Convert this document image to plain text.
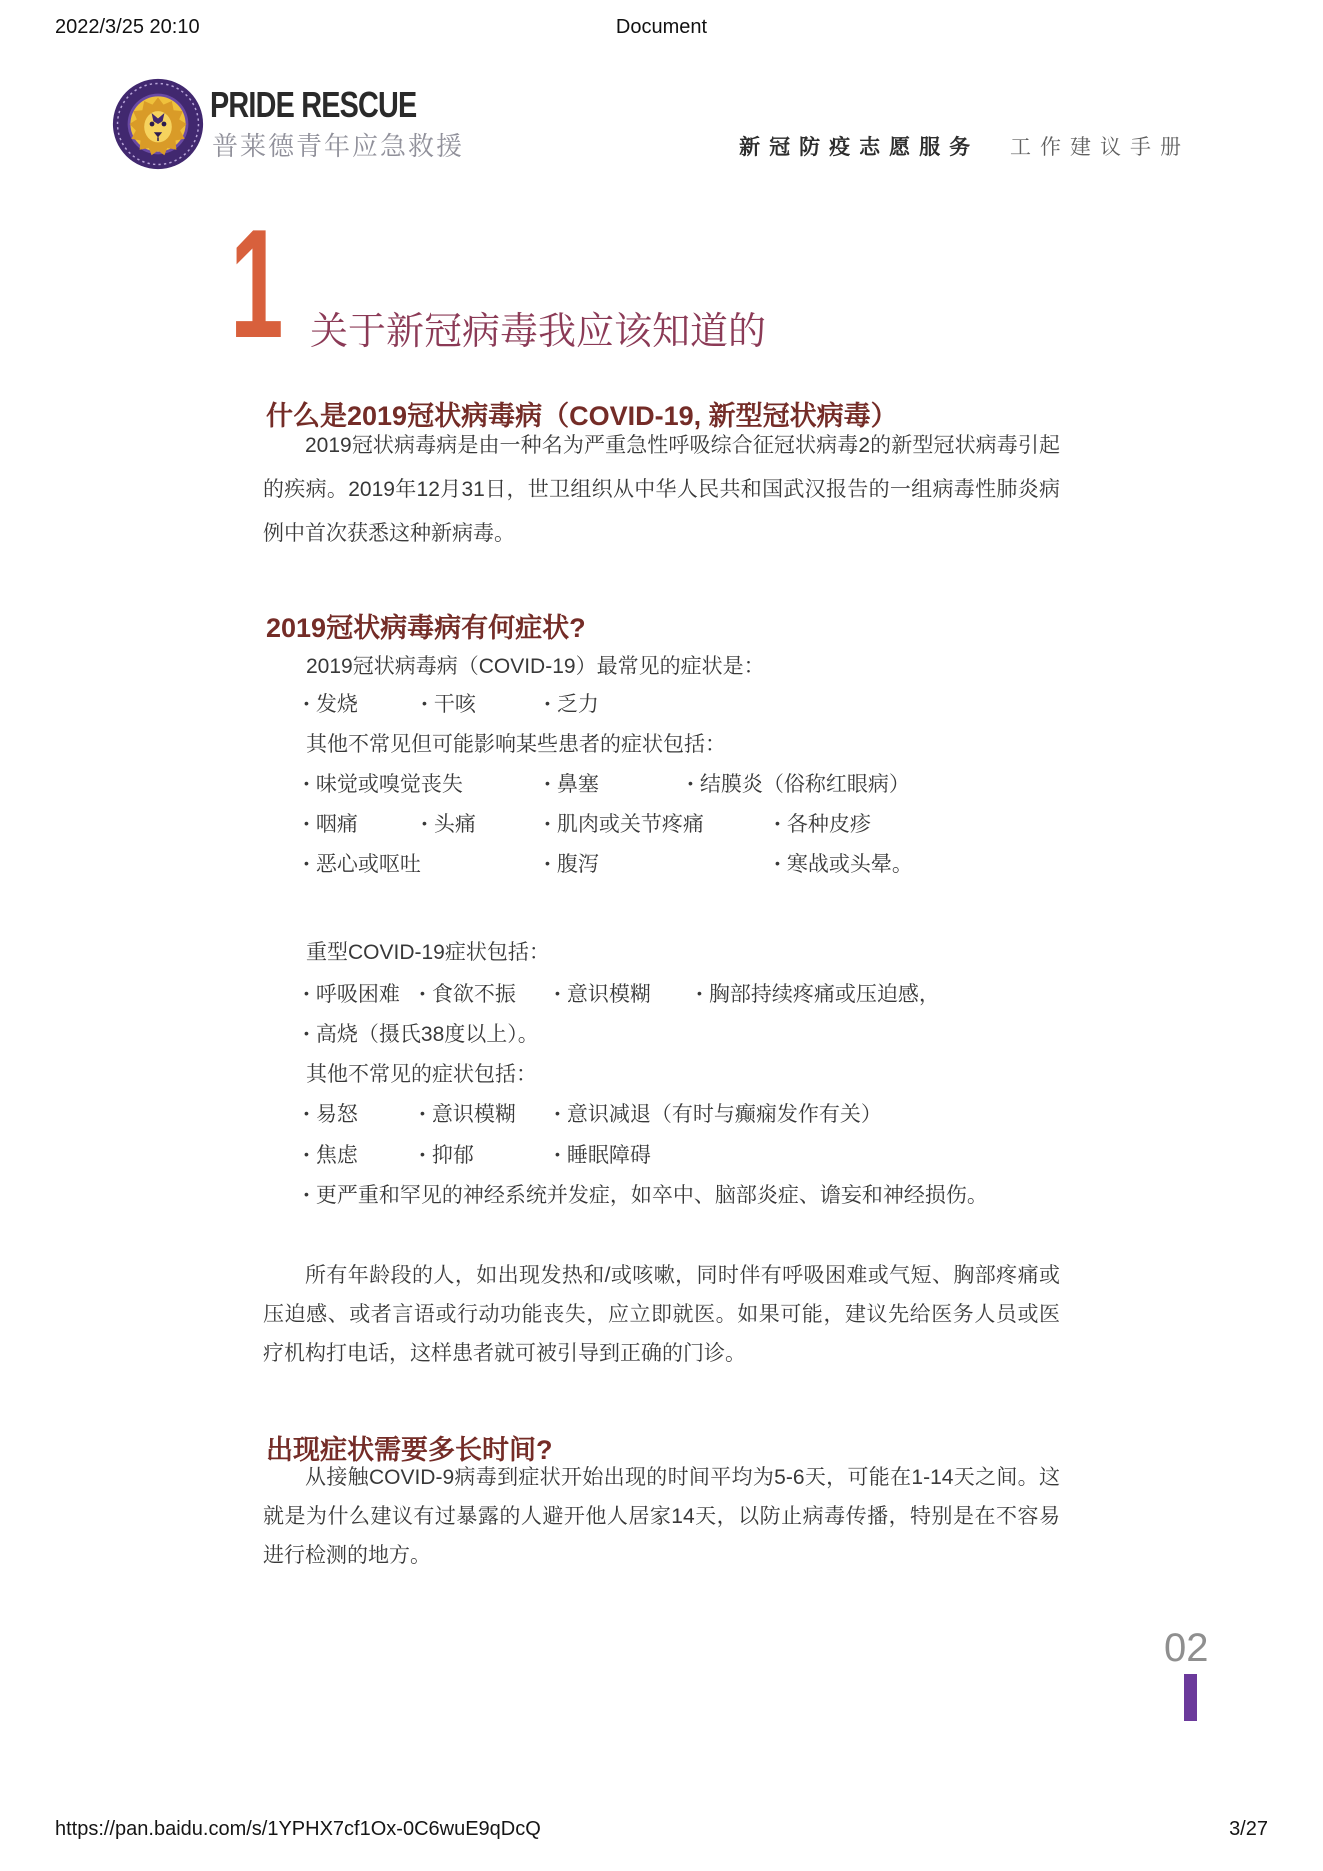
2022/3/25 20:10	Document
PRIDE RESCUE
普莱德青年应急救援	新冠防疫志愿服务 工作建议手册
1 关于新冠病毒我应该知道的
什么是2019冠状病毒病（COVID-19, 新型冠状病毒）
2019冠状病毒病是由一种名为严重急性呼吸综合征冠状病毒2的新型冠状病毒引起的疾病。2019年12月31日，世卫组织从中华人民共和国武汉报告的一组病毒性肺炎病例中首次获悉这种新病毒。
2019冠状病毒病有何症状?
2019冠状病毒病（COVID-19）最常见的症状是：
• 发烧	• 干咳	• 乏力
其他不常见但可能影响某些患者的症状包括：
• 味觉或嗅觉丧失	• 鼻塞	• 结膜炎（俗称红眼病）
• 咽痛	• 头痛	• 肌肉或关节疼痛	• 各种皮疹
• 恶心或呕吐	• 腹泻	• 寒战或头晕。
重型COVID-19症状包括：
• 呼吸困难 • 食欲不振	• 意识模糊	• 胸部持续疼痛或压迫感，
• 高烧（摄氏38度以上）。
其他不常见的症状包括：
• 易怒	• 意识模糊	• 意识减退（有时与癫痫发作有关）
• 焦虑	• 抑郁	• 睡眠障碍
• 更严重和罕见的神经系统并发症，如卒中、脑部炎症、谵妄和神经损伤。
所有年龄段的人，如出现发热和/或咳嗽，同时伴有呼吸困难或气短、胸部疼痛或压迫感、或者言语或行动功能丧失，应立即就医。如果可能，建议先给医务人员或医疗机构打电话，这样患者就可被引导到正确的门诊。
出现症状需要多长时间?
从接触COVID-9病毒到症状开始出现的时间平均为5-6天，可能在1-14天之间。这就是为什么建议有过暴露的人避开他人居家14天，以防止病毒传播，特别是在不容易进行检测的地方。
02
https://pan.baidu.com/s/1YPHX7cf1Ox-0C6wuE9qDcQ	3/27
